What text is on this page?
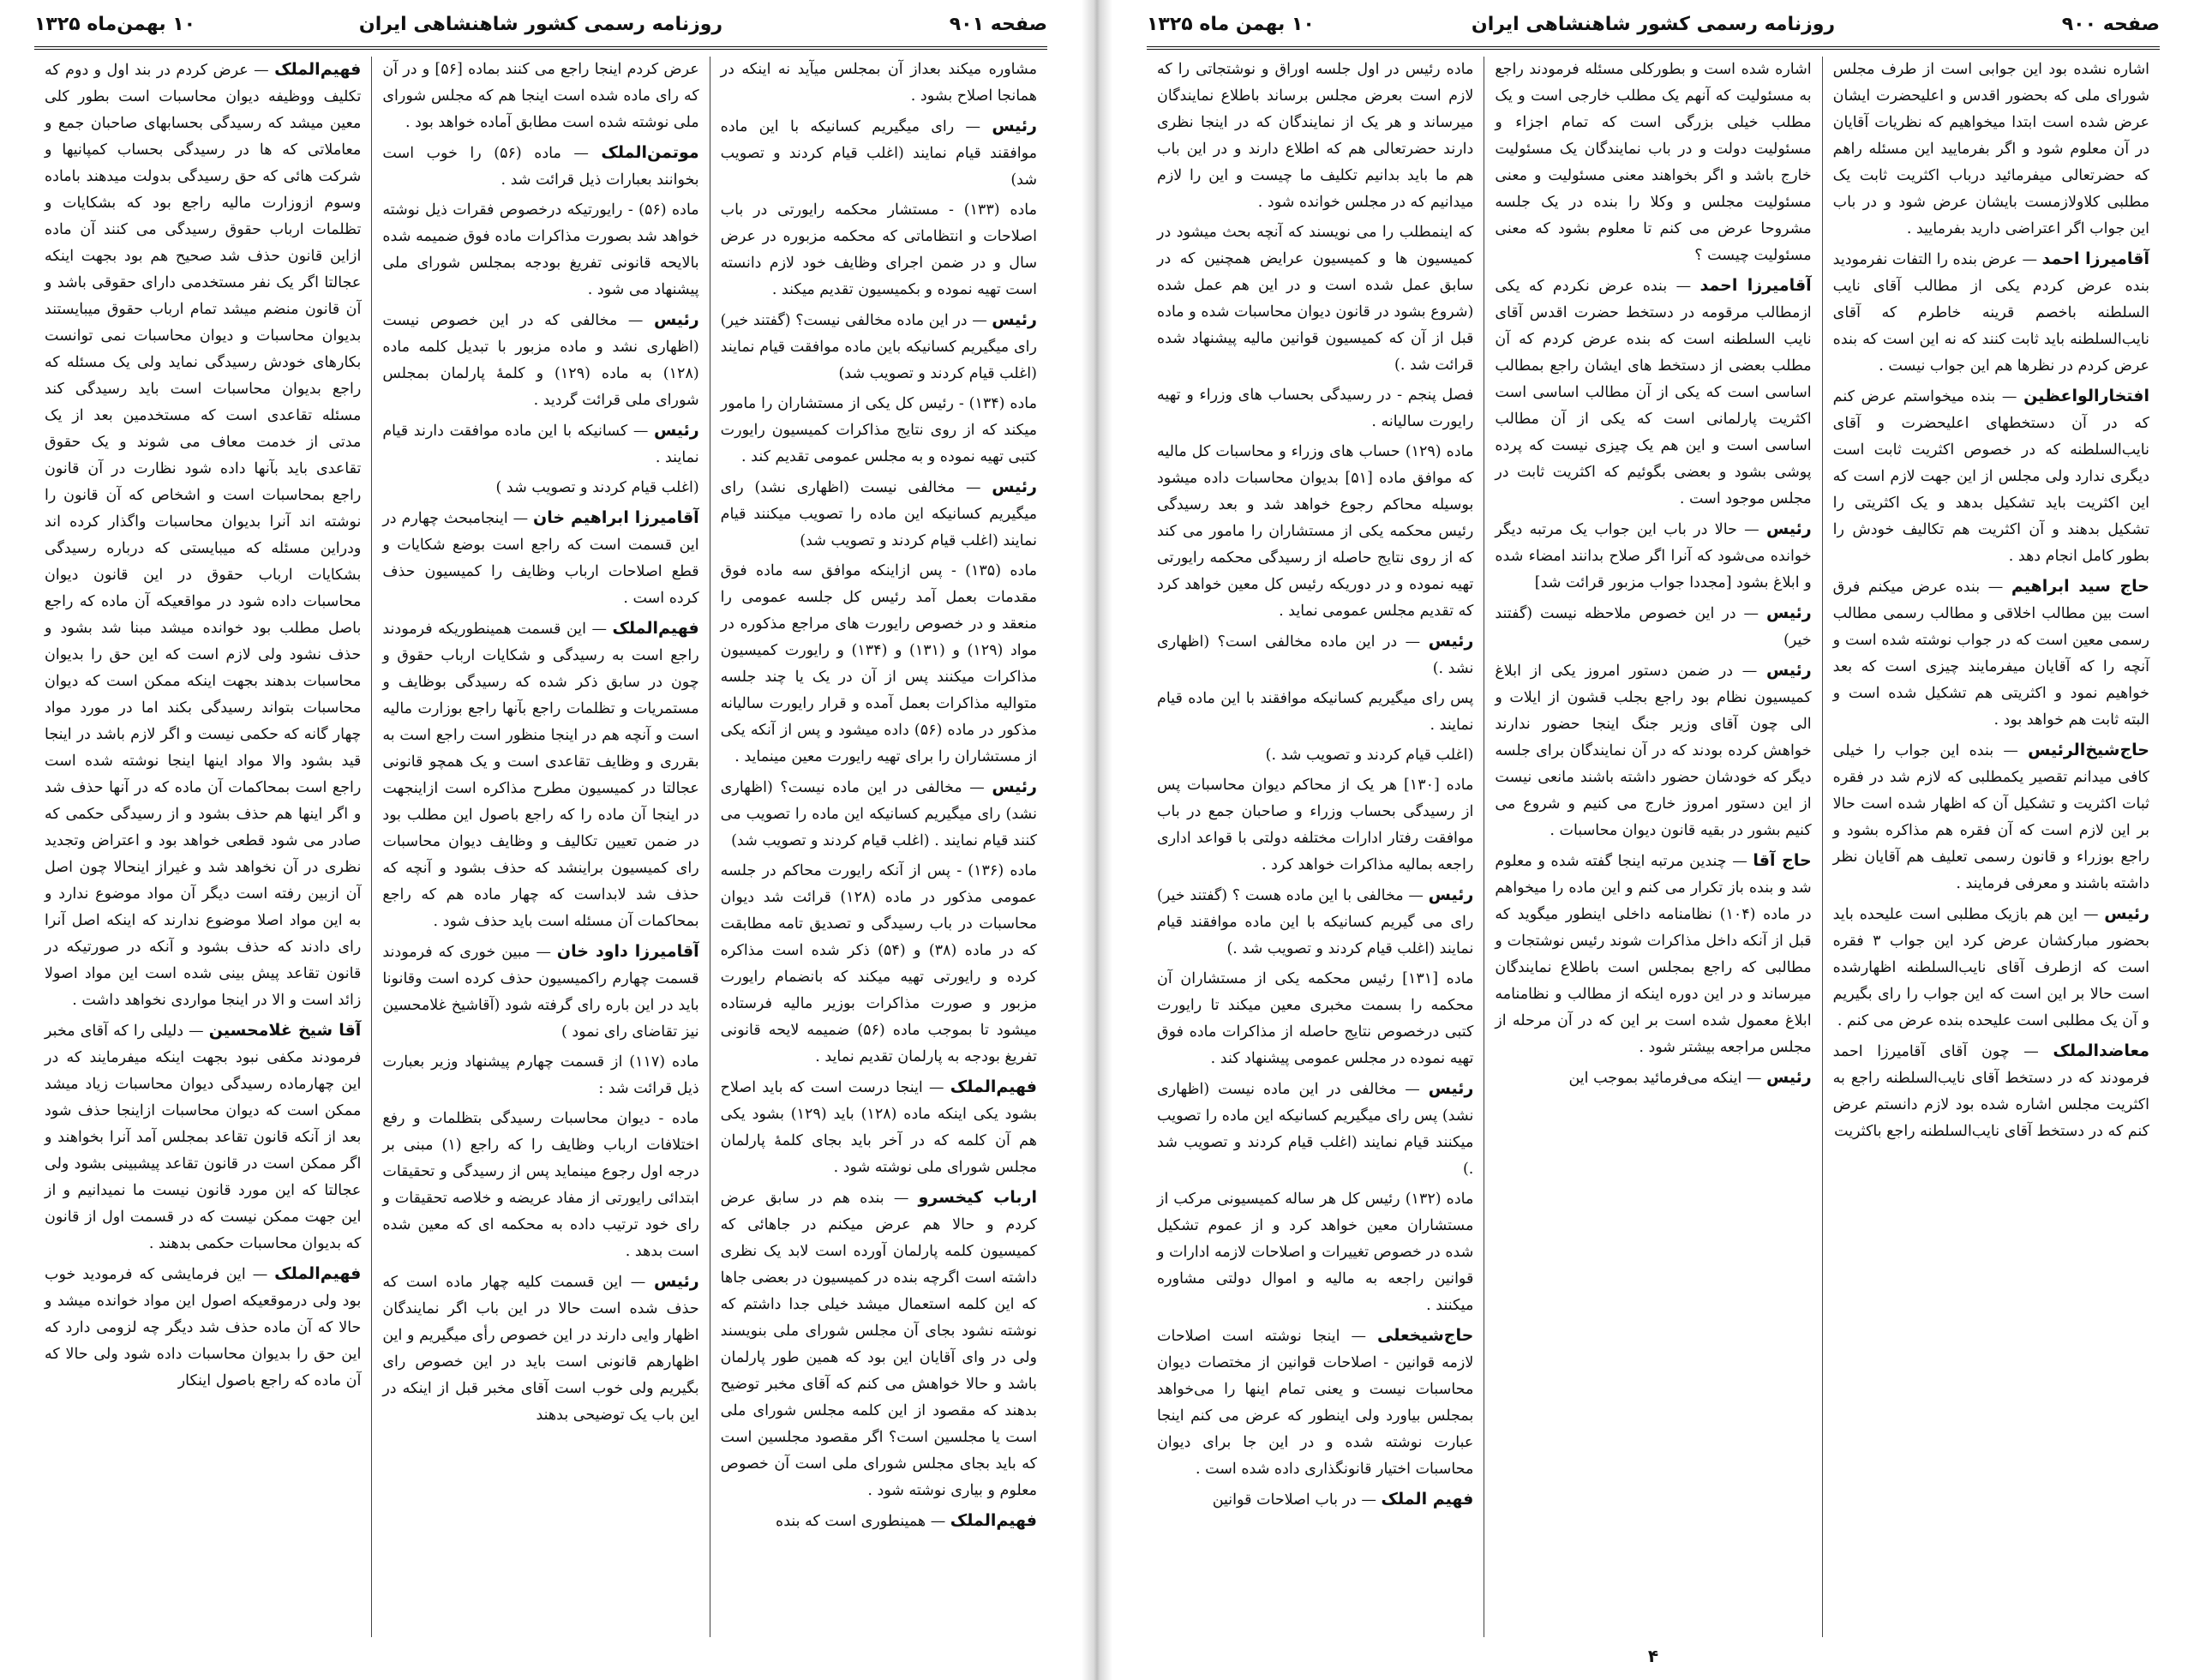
صفحه ۹۰۱
روزنامه رسمی کشور شاهنشاهی ایران
۱۰ بهمن‌ماه ۱۳۲۵

مشاوره میکند بعداز آن بمجلس میآید نه اینکه در همانجا اصلاح بشود .

رئیس — رای میگیریم کسانیکه با این ماده موافقند قیام نمایند (اغلب قیام کردند و تصویب شد)

ماده (۱۳۳) - مستشار محکمه رایورتی در باب اصلاحات و انتظاماتی که محکمه مزبوره در عرض سال و در ضمن اجرای وظایف خود لازم دانسته است تهیه نموده و بکمیسیون تقدیم میکند .

رئیس — در این ماده مخالفی نیست؟ (گفتند خیر) رای میگیریم کسانیکه باین ماده موافقت قیام نمایند (اغلب قیام کردند و تصویب شد)

ماده (۱۳۴) - رئیس کل یکی از مستشاران را مامور میکند که از روی نتایج مذاکرات کمیسیون رایورت کتبی تهیه نموده و به مجلس عمومی تقدیم کند .

رئیس — مخالفی نیست (اظهاری نشد) رای میگیریم کسانیکه این ماده را تصویب میکنند قیام نمایند (اغلب قیام کردند و تصویب شد)

ماده (۱۳۵) - پس ازاینکه موافق سه ماده فوق مقدمات بعمل آمد رئیس کل جلسه عمومی را منعقد و در خصوص رایورت های مراجع مذکوره در مواد (۱۲۹) و (۱۳۱) و (۱۳۴) و رایورت کمیسیون مذاکرات میکنند پس از آن در یک یا چند جلسه متوالیه مذاکرات بعمل آمده و قرار رایورت سالیانه مذکور در ماده (۵۶) داده میشود و پس از آنکه یکی از مستشاران را برای تهیه رایورت معین مینماید .

رئیس — مخالفی در این ماده نیست؟ (اظهاری نشد) رای میگیریم کسانیکه این ماده را تصویب می کنند قیام نمایند . (اغلب قیام کردند و تصویب شد)

ماده (۱۳۶) - پس از آنکه رایورت محاکم در جلسه عمومی مذکور در ماده (۱۲۸) قرائت شد دیوان محاسبات در باب رسیدگی و تصدیق تامه مطابقت که در ماده (۳۸) و (۵۴) ذکر شده است مذاکره کرده و رایورتی تهیه میکند که بانضمام رایورت مزبور و صورت مذاکرات بوزیر مالیه فرستاده میشود تا بموجب ماده (۵۶) ضمیمه لایحه قانونی تفریغ بودجه به پارلمان تقدیم نماید .

فهیم‌الملک — اینجا درست است که باید اصلاح بشود یکی اینکه ماده (۱۲۸) باید (۱۲۹) بشود یکی هم آن کلمه که در آخر باید بجای کلمهٔ پارلمان مجلس شورای ملی نوشته شود .

ارباب کیخسرو — بنده هم در سابق عرض کردم و حالا هم عرض میکنم در جاهائی که کمیسیون کلمه پارلمان آورده است لابد یک نظری داشته است اگرچه بنده در کمیسیون در بعضی جاها که این کلمه استعمال میشد خیلی جدا داشتم که نوشته نشود بجای آن مجلس شورای ملی بنویسند ولی در وای آقایان این بود که همین طور پارلمان باشد و حالا خواهش می کنم که آقای مخبر توضیح بدهند که مقصود از این کلمه مجلس شورای ملی است یا مجلسین است؟ اگر مقصود مجلسین است که باید بجای مجلس شورای ملی است آن خصوص معلوم و بیاری نوشته شود .

فهیم‌الملک — همینطوری است که بنده

عرض کردم اینجا راجع می کنند بماده [۵۶] و در آن که رای ماده شده است اینجا هم که مجلس شورای ملی نوشته شده است مطابق آماده خواهد بود .

موتمن‌الملک — ماده (۵۶) را خوب است بخوانند بعبارات ذیل قرائت شد .

ماده (۵۶) - رایورتیکه درخصوص فقرات ذیل نوشته خواهد شد بصورت مذاکرات ماده فوق ضمیمه شده بالایحه قانونی تفریغ بودجه بمجلس شورای ملی پیشنهاد می شود .

رئیس — مخالفی که در این خصوص نیست (اظهاری نشد و ماده مزبور با تبدیل کلمه ماده (۱۲۸) به ماده (۱۲۹) و کلمهٔ پارلمان بمجلس شورای ملی قرائت گردید .

رئیس — کسانیکه با این ماده موافقت دارند قیام نمایند .

(اغلب قیام کردند و تصویب شد )

آقامیرزا ابراهیم خان — اینجامبحث چهارم در این قسمت است که راجع است بوضع شکایات و قطع اصلاحات ارباب وظایف را کمیسیون حذف کرده است .

فهیم‌الملک — این قسمت همینطوریکه فرمودند راجع است به رسیدگی و شکایات ارباب حقوق و چون در سابق ذکر شده که رسیدگی بوظایف و مستمریات و تظلمات راجع بآنها راجع بوزارت مالیه است و آنچه هم در اینجا منظور است راجع است به بقرری و وظایف تقاعدی است و یک همچو قانونی عجالتا در کمیسیون مطرح مذاکره است ازاینجهت در اینجا آن ماده را که راجع باصول این مطلب بود در ضمن تعیین تکالیف و وظایف دیوان محاسبات رای کمیسیون براینشد که حذف بشود و آنچه که حذف شد لابداست که چهار ماده هم که راجع بمحاکمات آن مسئله است باید حذف شود .

آقامیرزا داود خان — مبین خوری که فرمودند قسمت چهارم راکمیسیون حذف کرده است وقانونا باید در این باره رای گرفته شود (آقاشیخ غلامحسین نیز تقاضای رای نمود )

ماده (۱۱۷) از قسمت چهارم پیشنهاد وزیر بعبارت ذیل قرائت شد :

ماده - دیوان محاسبات رسیدگی بتظلمات و رفع اختلافات ارباب وظایف را که راجع (۱) مبنی بر درجه اول رجوع مینماید پس از رسیدگی و تحقیقات ابتدائی رایورتی از مفاد عریضه و خلاصه تحقیقات و رای خود ترتیب داده به محکمه ای که معین شده است بدهد .

رئیس — این قسمت کلیه چهار ماده است که حذف شده است حالا در این باب اگر نمایندگان اظهار وایی دارند در این خصوص رأی میگیریم و این اظهارهم قانونی است باید در این خصوص رای بگیریم ولی خوب است آقای مخبر قبل از اینکه در این باب یک توضیحی بدهند

فهیم‌الملک — عرض کردم در بند اول و دوم که تکلیف ووظیفه دیوان محاسبات است بطور کلی معین میشد که رسیدگی بحسابهای صاحبان جمع و معاملاتی که ها در رسیدگی بحساب کمپانیها و شرکت هائی که حق رسیدگی بدولت میدهند باماده وسوم ازوزارت مالیه راجع بود که بشکایات و تظلمات ارباب حقوق رسیدگی می کنند آن ماده ازاین قانون حذف شد صحیح هم بود بجهت اینکه عجالتا اگر یک نفر مستخدمی دارای حقوقی باشد و آن قانون منضم میشد تمام ارباب حقوق میبایستند بدیوان محاسبات و دیوان محاسبات نمی توانست بکارهای خودش رسیدگی نماید ولی یک مسئله که راجع بدیوان محاسبات است باید رسیدگی کند مسئله تقاعدی است که مستخدمین بعد از یک مدتی از خدمت معاف می شوند و یک حقوق تقاعدی باید بآنها داده شود نظارت در آن قانون راجع بمحاسبات است و اشخاص که آن قانون را نوشته اند آنرا بدیوان محاسبات واگذار کرده اند ودراین مسئله که میبایستی که درباره رسیدگی بشکایات ارباب حقوق در این قانون دیوان محاسبات داده شود در مواقعیکه آن ماده که راجع باصل مطلب بود خوانده میشد مبنا شد بشود و حذف نشود ولی لازم است که این حق را بدیوان محاسبات بدهند بجهت اینکه ممکن است که دیوان محاسبات بتواند رسیدگی بکند اما در مورد مواد چهار گانه که حکمی نیست و اگر لازم باشد در اینجا قید بشود والا مواد اینها اینجا نوشته شده است راجع است بمحاکمات آن ماده که در آنها حذف شد و اگر اینها هم حذف بشود و از رسیدگی حکمی که صادر می شود قطعی خواهد بود و اعتراض وتجدید نظری در آن نخواهد شد و غیراز اینحالا چون اصل آن ازبین رفته است دیگر آن مواد موضوع ندارد و به این مواد اصلا موضوع ندارند که اینکه اصل آنرا رای دادند که حذف بشود و آنکه در صورتیکه در قانون تقاعد پیش بینی شده است این مواد اصولا زائد است و الا در اینجا مواردی نخواهد داشت .

آقا شیخ غلامحسین — دلیلی را که آقای مخبر فرمودند مکفی نبود بجهت اینکه میفرمایند که در این چهارماده رسیدگی دیوان محاسبات زیاد میشد ممکن است که دیوان محاسبات ازاینجا حذف شود بعد از آنکه قانون تقاعد بمجلس آمد آنرا بخواهند و اگر ممکن است در قانون تقاعد پیشبینی بشود ولی عجالتا که این مورد قانون نیست ما نمیدانیم و از این جهت ممکن نیست که در قسمت اول از قانون که بدیوان محاسبات حکمی بدهند .

فهیم‌الملک — این فرمایشی که فرمودید خوب بود ولی درموقعیکه اصول این مواد خوانده میشد و حالا که آن ماده حذف شد دیگر چه لزومی دارد که این حق را بدیوان محاسبات داده شود ولی حالا که آن ماده که راجع باصول اینکار

صفحه ۹۰۰
روزنامه رسمی کشور شاهنشاهی ایران
۱۰ بهمن ماه ۱۳۲۵

اشاره نشده بود این جوابی است از طرف مجلس شورای ملی که بحضور اقدس و اعلیحضرت ایشان عرض شده است ابتدا میخواهیم که نظریات آقایان در آن معلوم شود و اگر بفرمایید این مسئله راهم که حضرتعالی میفرمائید درباب اکثریت ثابت یک مطلبی کلاولازمست بایشان عرض شود و در باب این جواب اگر اعتراضی دارید بفرمایید .

آقامیرزا احمد — عرض بنده را التفات نفرمودید بنده عرض کردم یکی از مطالب آقای نایب السلطنه باخصم قرینه خاطرم که آقای نایب‌السلطنه باید ثابت کنند که نه این است که بنده عرض کردم در نظرها هم این جواب نیست .

افتخارالواعظین — بنده میخواستم عرض کنم که در آن دستخطهای اعلیحضرت و آقای نایب‌السلطنه که در خصوص اکثریت ثابت است دیگری ندارد ولی مجلس از این جهت لازم است که این اکثریت باید تشکیل بدهد و یک اکثریتی را تشکیل بدهند و آن اکثریت هم تکالیف خودش را بطور کامل انجام دهد .

حاج سید ابراهیم — بنده عرض میکنم فرق است بین مطالب اخلاقی و مطالب رسمی مطالب رسمی معین است که در جواب نوشته شده است و آنچه را که آقایان میفرمایند چیزی است که بعد خواهیم نمود و اکثریتی هم تشکیل شده است و البته ثابت هم خواهد بود .

حاج‌شیخ‌الرئیس — بنده این جواب را خیلی کافی میدانم تقصیر یکمطلبی که لازم شد در فقره ثبات اکثریت و تشکیل آن که اظهار شده است حالا بر این لازم است که آن فقره هم مذاکره بشود و راجع بوزراء و قانون رسمی تعلیف هم آقایان نظر داشته باشند و معرفی فرمایند .

رئیس — این هم بازیک مطلبی است علیحده باید بحضور مبارکشان عرض کرد این جواب ۳ فقره است که ازطرف آقای نایب‌السلطنه اظهارشده است حالا بر این است که این جواب را رای بگیریم و آن یک مطلبی است علیحده بنده عرض می کنم .

معاضدالملک — چون آقای آقامیرزا احمد فرمودند که در دستخط آقای نایب‌السلطنه راجع به اکثریت مجلس اشاره شده بود لازم دانستم عرض کنم که در دستخط آقای نایب‌السلطنه راجع باکثریت

اشاره شده است و بطورکلی مسئله فرمودند راجع به مسئولیت که آنهم یک مطلب خارجی است و یک مطلب خیلی بزرگی است که تمام اجزاء و مسئولیت دولت و در باب نمایندگان یک مسئولیت خارج باشد و اگر بخواهند معنی مسئولیت و معنی مسئولیت مجلس و وکلا را بنده در یک جلسه مشروحا عرض می کنم تا معلوم بشود که معنی مسئولیت چیست ؟

آقامیرزا احمد — بنده عرض نکردم که یکی ازمطالب مرقومه در دستخط حضرت اقدس آقای نایب السلطنه است که بنده عرض کردم که آن مطلب بعضی از دستخط های ایشان راجع بمطالب اساسی است که یکی از آن مطالب اساسی است اکثریت پارلمانی است که یکی از آن مطالب اساسی است و این هم یک چیزی نیست که پرده پوشی بشود و بعضی بگوئیم که اکثریت ثابت در مجلس موجود است .

رئیس — حالا در باب این جواب یک مرتبه دیگر خوانده می‌شود که آنرا اگر صلاح بدانند امضاء شده و ابلاغ بشود [مجددا جواب مزبور قرائت شد]

رئیس — در این خصوص ملاحظه نیست (گفتند خیر)

رئیس — در ضمن دستور امروز یکی از ابلاغ کمیسیون نظام بود راجع بجلب قشون از ایلات و الی چون آقای وزیر جنگ اینجا حضور ندارند خواهش کرده بودند که در آن نمایندگان برای جلسه دیگر که خودشان حضور داشته باشند مانعی نیست از این دستور امروز خارج می کنیم و شروع می کنیم بشور در بقیه قانون دیوان محاسبات .

حاج آقا — چندین مرتبه اینجا گفته شده و معلوم شد و بنده باز تکرار می کنم و این ماده را میخواهم در ماده (۱۰۴) نظامنامه داخلی اینطور میگوید که قبل از آنکه داخل مذاکرات شوند رئیس نوشتجات و مطالبی که راجع بمجلس است باطلاع نمایندگان میرساند و در این دوره اینکه از مطالب و نظامنامه ابلاغ معمول شده است بر این که در آن مرحله از مجلس مراجعه بیشتر شود .

رئیس — اینکه می‌فرمائید بموجب این

ماده رئیس در اول جلسه اوراق و نوشتجاتی را که لازم است بعرض مجلس برساند باطلاع نمایندگان میرساند و هر یک از نمایندگان که در اینجا نظری دارند حضرتعالی هم که اطلاع دارند و در این باب هم ما باید بدانیم تکلیف ما چیست و این را لازم میدانیم که در مجلس خوانده شود .

که اینمطلب را می نویسند که آنچه بحث میشود در کمیسیون ها و کمیسیون عرایض همچنین که در سابق عمل شده است و در این هم عمل شده (شروع بشود در قانون دیوان محاسبات شده و ماده قبل از آن که کمیسیون قوانین مالیه پیشنهاد شده قرائت شد .)

فصل پنجم - در رسیدگی بحساب های وزراء و تهیه رایورت سالیانه .

ماده (۱۲۹) حساب های وزراء و محاسبات کل مالیه که موافق ماده [۵۱] بدیوان محاسبات داده میشود بوسیله محاکم رجوع خواهد شد و بعد رسیدگی رئیس محکمه یکی از مستشاران را مامور می کند که از روی نتایج حاصله از رسیدگی محکمه رایورتی تهیه نموده و در دوریکه رئیس کل معین خواهد کرد که تقدیم مجلس عمومی نماید .

رئیس — در این ماده مخالفی است؟ (اظهاری نشد .)

پس رای میگیریم کسانیکه موافقند با این ماده قیام نمایند .

(اغلب قیام کردند و تصویب شد .)

ماده [۱۳۰] هر یک از محاکم دیوان محاسبات پس از رسیدگی بحساب وزراء و صاحبان جمع در باب موافقت رفتار ادارات مختلفه دولتی با قواعد اداری راجعه بمالیه مذاکرات خواهد کرد .

رئیس — مخالفی با این ماده هست ؟ (گفتند خیر) رای می گیریم کسانیکه با این ماده موافقند قیام نمایند (اغلب قیام کردند و تصویب شد .)

ماده [۱۳۱] رئیس محکمه یکی از مستشاران آن محکمه را بسمت مخبری معین میکند تا رایورت کتبی درخصوص نتایج حاصله از مذاکرات ماده فوق تهیه نموده در مجلس عمومی پیشنهاد کند .

رئیس — مخالفی در این ماده نیست (اظهاری نشد) پس رای میگیریم کسانیکه این ماده را تصویب میکنند قیام نمایند (اغلب قیام کردند و تصویب شد .)

ماده (۱۳۲) رئیس کل هر ساله کمیسیونی مرکب از مستشاران معین خواهد کرد و از عموم تشکیل شده در خصوص تغییرات و اصلاحات لازمه ادارات و قوانین راجعه به مالیه و اموال دولتی مشاوره میکنند .

حاج‌شیخعلی — اینجا نوشته است اصلاحات لازمه قوانین - اصلاحات قوانین از مختصات دیوان محاسبات نیست و یعنی تمام اینها را می‌خواهد بمجلس بیاورد ولی اینطور که عرض می کنم اینجا عبارت نوشته شده و در این جا برای دیوان محاسبات اختیار قانونگذاری داده شده است .

فهیم الملک — در باب اصلاحات قوانین

۴
